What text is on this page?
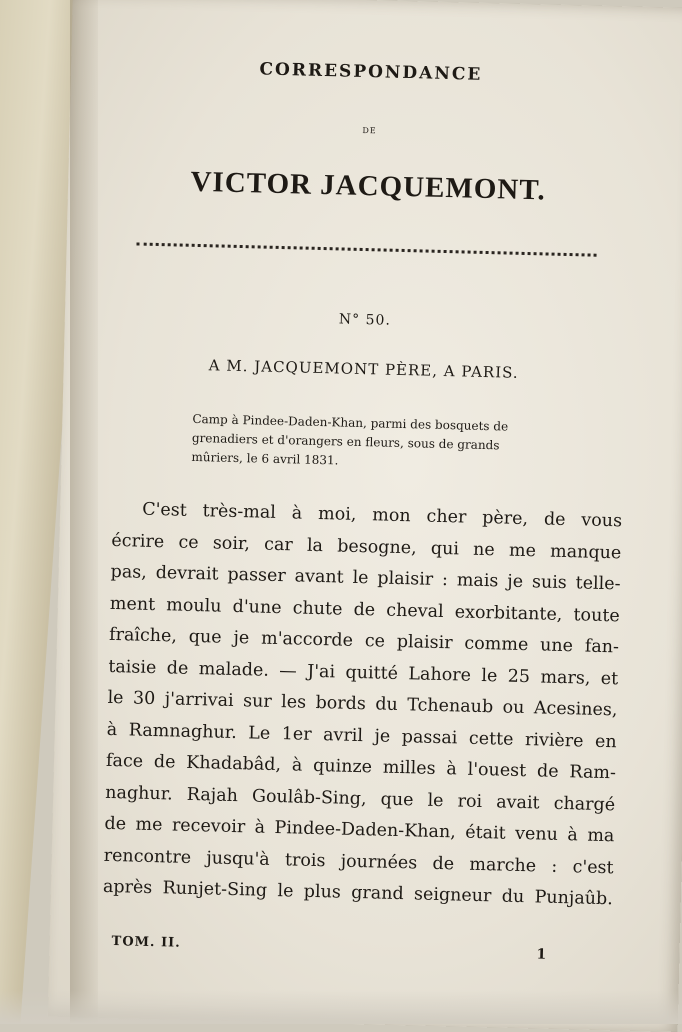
CORRESPONDANCE
DE
VICTOR JACQUEMONT.
N° 50.
A M. JACQUEMONT PÈRE, A PARIS.
Camp à Pindee-Daden-Khan, parmi des bosquets de
grenadiers et d'orangers en fleurs, sous de grands
mûriers, le 6 avril 1831.
C'est très-mal à moi, mon cher père, de vous
écrire ce soir, car la besogne, qui ne me manque
pas, devrait passer avant le plaisir : mais je suis telle-
ment moulu d'une chute de cheval exorbitante, toute
fraîche, que je m'accorde ce plaisir comme une fan-
taisie de malade. — J'ai quitté Lahore le 25 mars, et
le 30 j'arrivai sur les bords du Tchenaub ou Acesines,
à Ramnaghur. Le 1er avril je passai cette rivière en
face de Khadabâd, à quinze milles à l'ouest de Ram-
naghur. Rajah Goulâb-Sing, que le roi avait chargé
de me recevoir à Pindee-Daden-Khan, était venu à ma
rencontre jusqu'à trois journées de marche : c'est
après Runjet-Sing le plus grand seigneur du Punjaûb.
TOM. II.
1
